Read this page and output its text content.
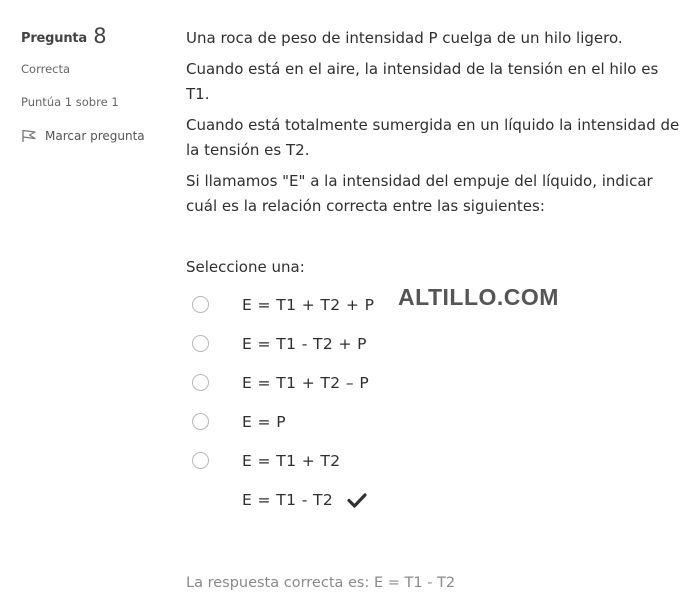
Pregunta 8
Correcta
Puntúa 1 sobre 1
Marcar pregunta

Una roca de peso de intensidad P cuelga de un hilo ligero.

Cuando está en el aire, la intensidad de la tensión en el hilo es T1.

Cuando está totalmente sumergida en un líquido la intensidad de la tensión es T2.

Si llamamos "E" a la intensidad del empuje del líquido, indicar cuál es la relación correcta entre las siguientes:

Seleccione una:
E = T1 + T2 + P
E = T1 - T2 + P
E = T1 + T2 – P
E = P
E = T1 + T2
E = T1 - T2
ALTILLO.COM
La respuesta correcta es: E = T1 - T2
